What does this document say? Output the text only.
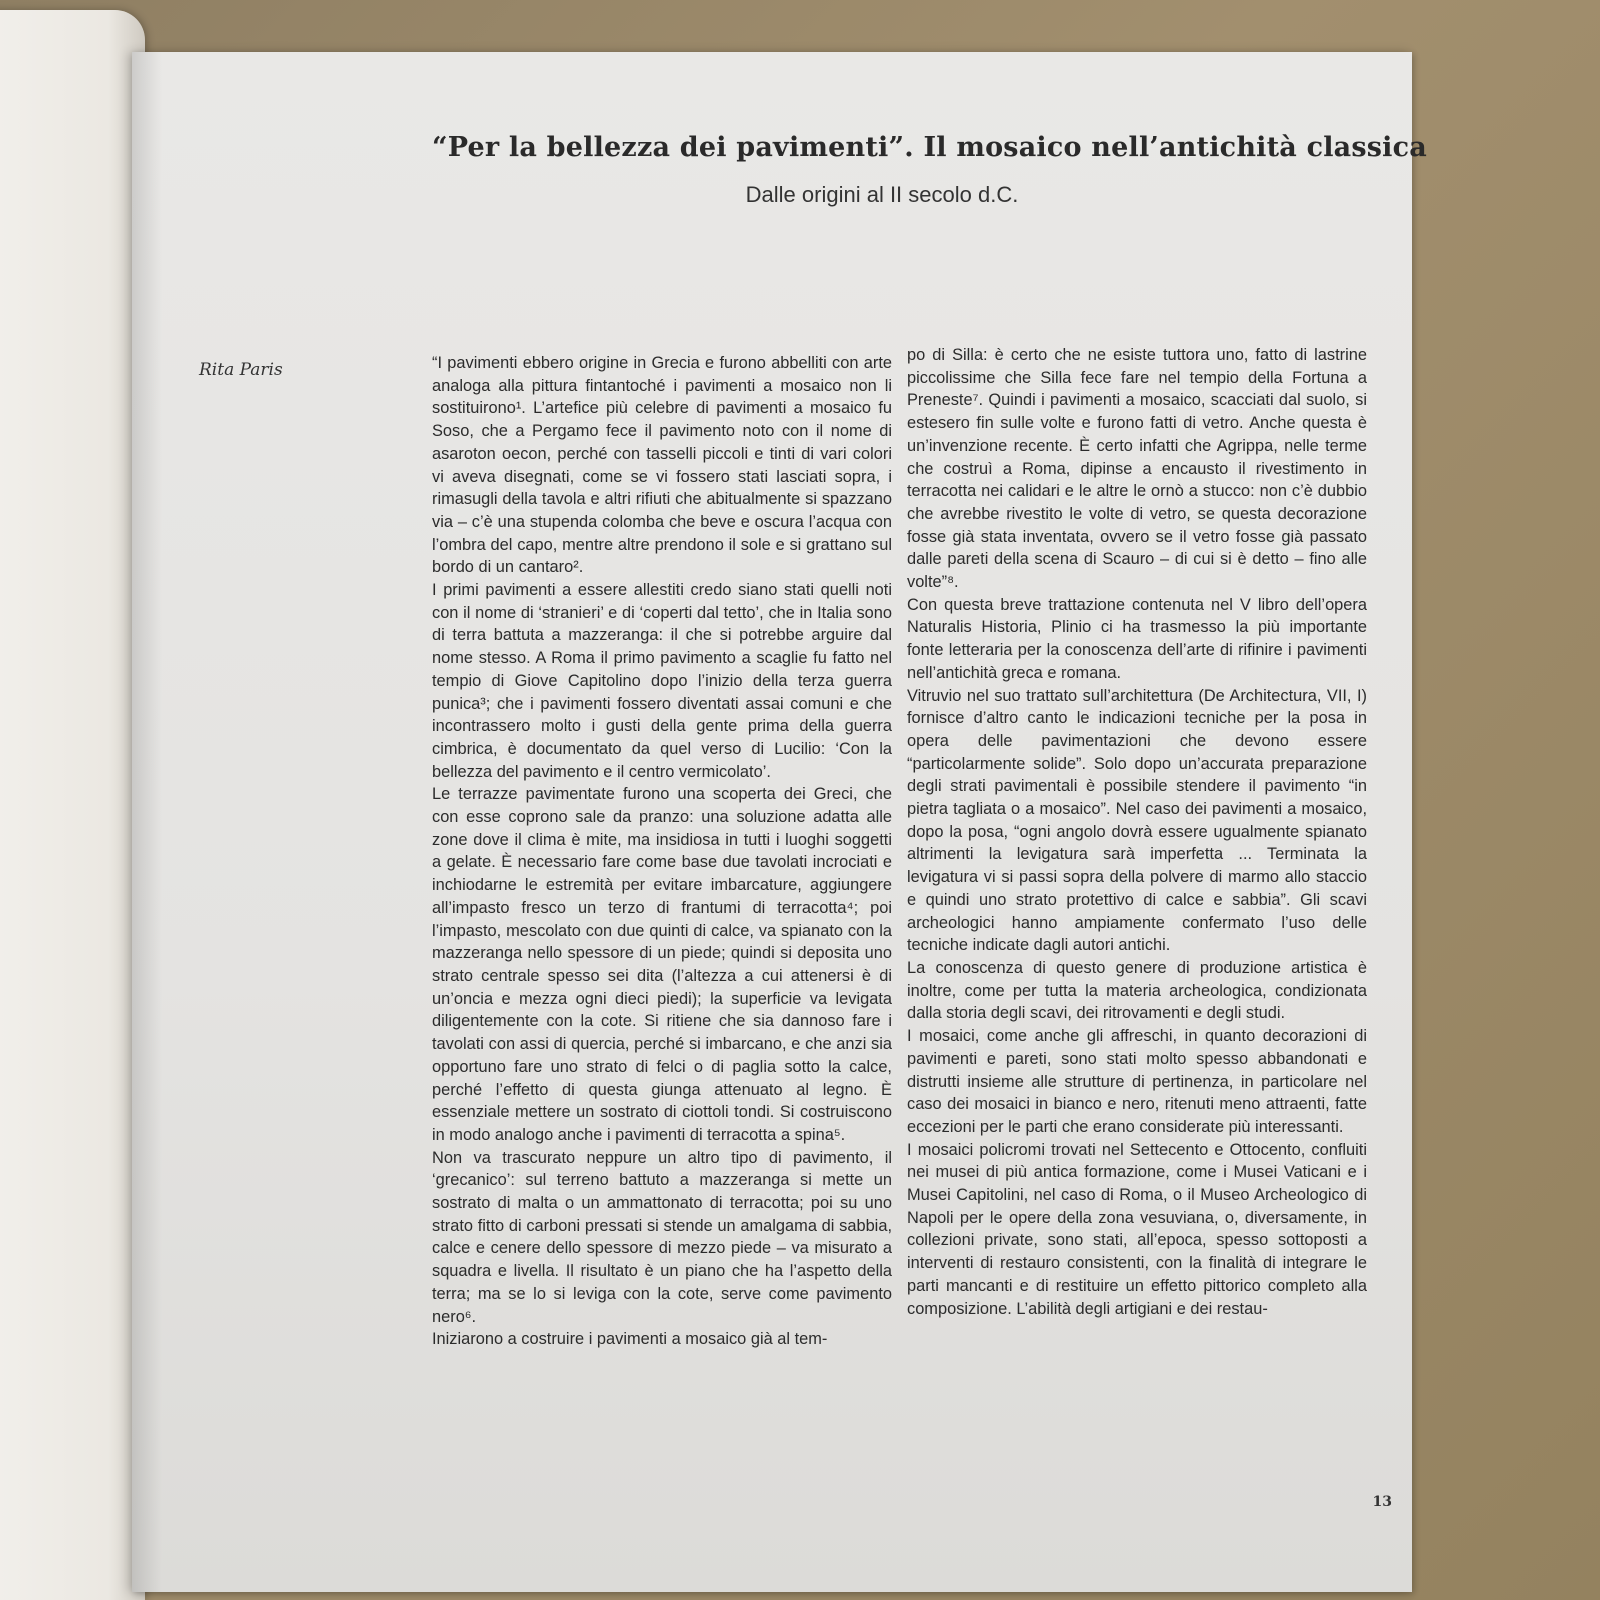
“Per la bellezza dei pavimenti”. Il mosaico nell’antichità classica
Dalle origini al II secolo d.C.
Rita Paris	“I pavimenti ebbero origine in Grecia e furono abbelliti con arte analoga alla pittura fintantoché i pavimenti a mosaico non li sostituirono¹. L’artefice più celebre di pavimenti a mosaico fu Soso, che a Pergamo fece il pavimento noto con il nome di asaroton oecon, perché con tasselli piccoli e tinti di vari colori vi aveva disegnati, come se vi fossero stati lasciati sopra, i rimasugli della tavola e altri rifiuti che abitualmente si spazzano via – c’è una stupenda colomba che beve e oscura l’acqua con l’ombra del capo, mentre altre prendono il sole e si grattano sul bordo di un cantaro².

I primi pavimenti a essere allestiti credo siano stati quelli noti con il nome di ‘stranieri’ e di ‘coperti dal tetto’, che in Italia sono di terra battuta a mazzeranga: il che si potrebbe arguire dal nome stesso. A Roma il primo pavimento a scaglie fu fatto nel tempio di Giove Capitolino dopo l’inizio della terza guerra punica³; che i pavimenti fossero diventati assai comuni e che incontrassero molto i gusti della gente prima della guerra cimbrica, è documentato da quel verso di Lucilio: ‘Con la bellezza del pavimento e il centro vermicolato’.

Le terrazze pavimentate furono una scoperta dei Greci, che con esse coprono sale da pranzo: una soluzione adatta alle zone dove il clima è mite, ma insidiosa in tutti i luoghi soggetti a gelate. È necessario fare come base due tavolati incrociati e inchiodarne le estremità per evitare imbarcature, aggiungere all’impasto fresco un terzo di frantumi di terracotta⁴; poi l’impasto, mescolato con due quinti di calce, va spianato con la mazzeranga nello spessore di un piede; quindi si deposita uno strato centrale spesso sei dita (l’altezza a cui attenersi è di un’oncia e mezza ogni dieci piedi); la superficie va levigata diligentemente con la cote. Si ritiene che sia dannoso fare i tavolati con assi di quercia, perché si imbarcano, e che anzi sia opportuno fare uno strato di felci o di paglia sotto la calce, perché l’effetto di questa giunga attenuato al legno. È essenziale mettere un sostrato di ciottoli tondi. Si costruiscono in modo analogo anche i pavimenti di terracotta a spina⁵.

Non va trascurato neppure un altro tipo di pavimento, il ‘grecanico’: sul terreno battuto a mazzeranga si mette un sostrato di malta o un ammattonato di terracotta; poi su uno strato fitto di carboni pressati si stende un amalgama di sabbia, calce e cenere dello spessore di mezzo piede – va misurato a squadra e livella. Il risultato è un piano che ha l’aspetto della terra; ma se lo si leviga con la cote, serve come pavimento nero⁶.

Iniziarono a costruire i pavimenti a mosaico già al tem-

po di Silla: è certo che ne esiste tuttora uno, fatto di lastrine piccolissime che Silla fece fare nel tempio della Fortuna a Preneste⁷. Quindi i pavimenti a mosaico, scacciati dal suolo, si estesero fin sulle volte e furono fatti di vetro. Anche questa è un’invenzione recente. È certo infatti che Agrippa, nelle terme che costruì a Roma, dipinse a encausto il rivestimento in terracotta nei calidari e le altre le ornò a stucco: non c’è dubbio che avrebbe rivestito le volte di vetro, se questa decorazione fosse già stata inventata, ovvero se il vetro fosse già passato dalle pareti della scena di Scauro – di cui si è detto – fino alle volte”⁸.

Con questa breve trattazione contenuta nel V libro dell’opera Naturalis Historia, Plinio ci ha trasmesso la più importante fonte letteraria per la conoscenza dell’arte di rifinire i pavimenti nell’antichità greca e romana.

Vitruvio nel suo trattato sull’architettura (De Architectura, VII, I) fornisce d’altro canto le indicazioni tecniche per la posa in opera delle pavimentazioni che devono essere “particolarmente solide”. Solo dopo un’accurata preparazione degli strati pavimentali è possibile stendere il pavimento “in pietra tagliata o a mosaico”. Nel caso dei pavimenti a mosaico, dopo la posa, “ogni angolo dovrà essere ugualmente spianato altrimenti la levigatura sarà imperfetta ... Terminata la levigatura vi si passi sopra della polvere di marmo allo staccio e quindi uno strato protettivo di calce e sabbia”. Gli scavi archeologici hanno ampiamente confermato l’uso delle tecniche indicate dagli autori antichi.

La conoscenza di questo genere di produzione artistica è inoltre, come per tutta la materia archeologica, condizionata dalla storia degli scavi, dei ritrovamenti e degli studi.

I mosaici, come anche gli affreschi, in quanto decorazioni di pavimenti e pareti, sono stati molto spesso abbandonati e distrutti insieme alle strutture di pertinenza, in particolare nel caso dei mosaici in bianco e nero, ritenuti meno attraenti, fatte eccezioni per le parti che erano considerate più interessanti.

I mosaici policromi trovati nel Settecento e Ottocento, confluiti nei musei di più antica formazione, come i Musei Vaticani e i Musei Capitolini, nel caso di Roma, o il Museo Archeologico di Napoli per le opere della zona vesuviana, o, diversamente, in collezioni private, sono stati, all’epoca, spesso sottoposti a interventi di restauro consistenti, con la finalità di integrare le parti mancanti e di restituire un effetto pittorico completo alla composizione. L’abilità degli artigiani e dei restau-

13
